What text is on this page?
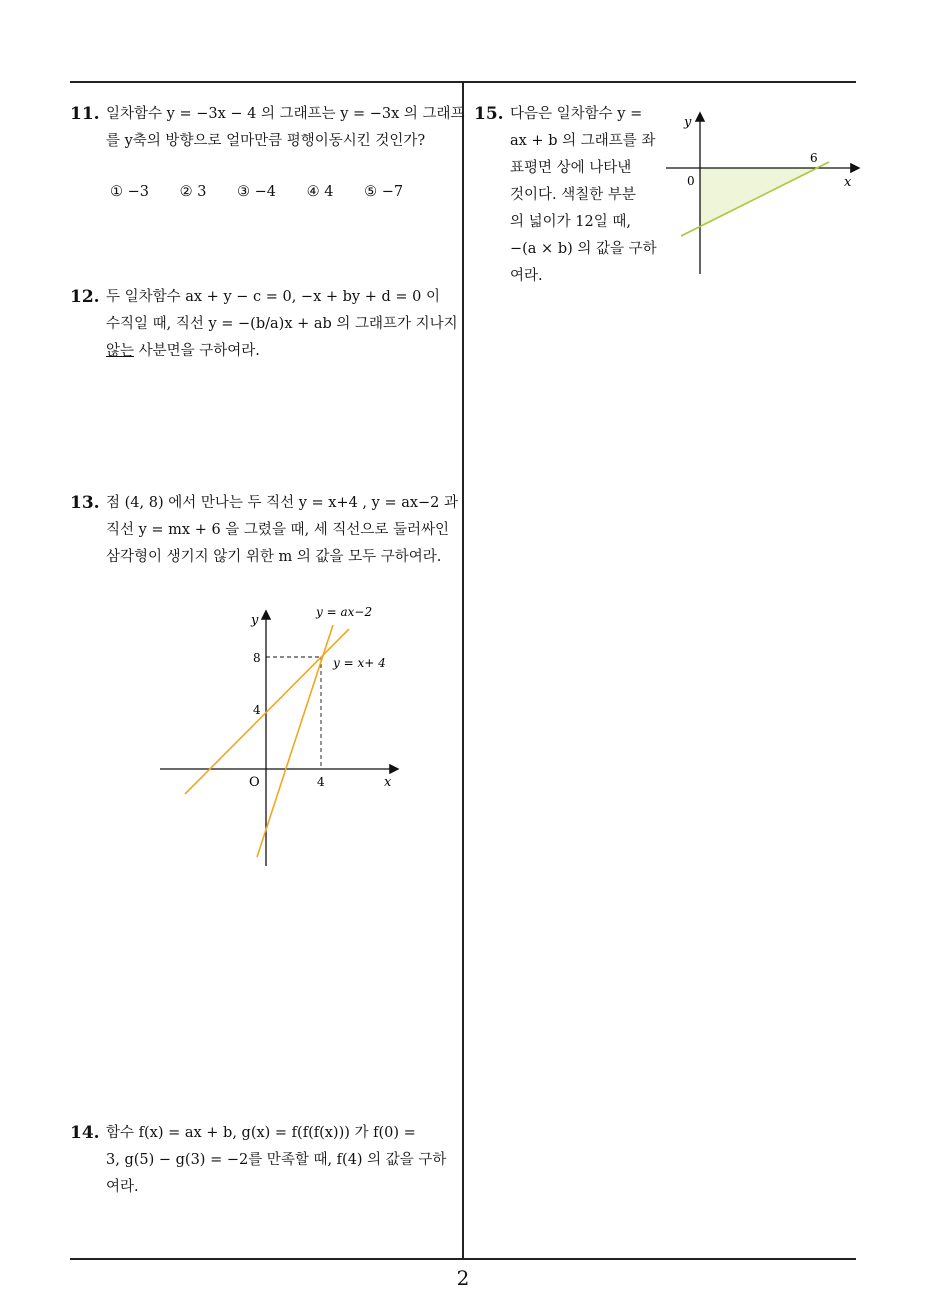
11. 일차함수 y = −3x − 4 의 그래프는 y = −3x 의 그래프
를 y축의 방향으로 얼마만큼 평행이동시킨 것인가?
① −3 ② 3 ③ −4 ④ 4 ⑤ −7
12. 두 일차함수 ax + y − c = 0, −x + by + d = 0 이
수직일 때, 직선 y = −(b/a)x + ab 의 그래프가 지나지
않는 사분면을 구하여라.
13. 점 (4, 8) 에서 만나는 두 직선 y = x+4 , y = ax−2 과
직선 y = mx + 6 을 그렸을 때, 세 직선으로 둘러싸인
삼각형이 생기지 않기 위한 m 의 값을 모두 구하여라.
y
x
O	4
4
8
y = ax−2
y = x+ 4
14. 함수 f(x) = ax + b, g(x) = f(f(f(x))) 가 f(0) =
3, g(5) − g(3) = −2를 만족할 때, f(4) 의 값을 구하
여라.
15. 다음은 일차함수 y =
ax + b 의 그래프를 좌
표평면 상에 나타낸
것이다. 색칠한 부분
의 넓이가 12일 때,
−(a × b) 의 값을 구하
여라.
y
x
0
6
2
